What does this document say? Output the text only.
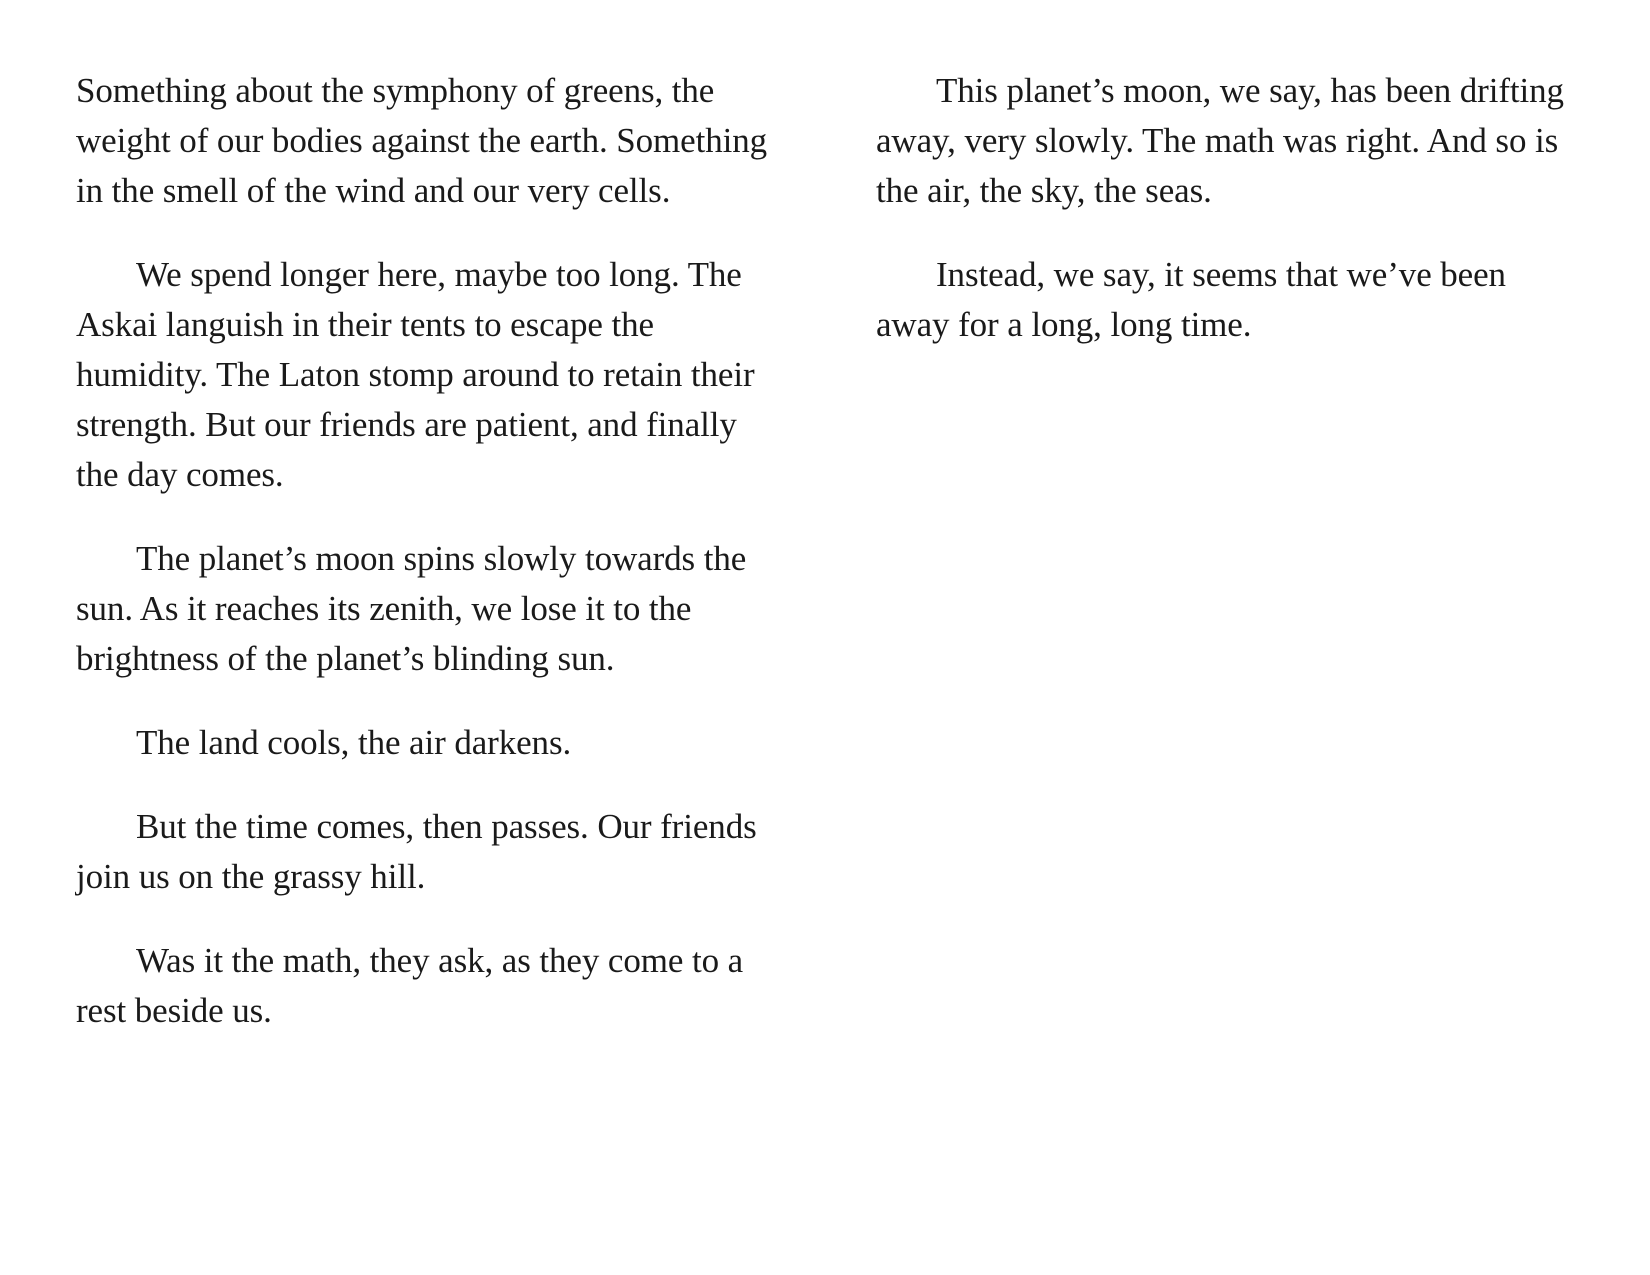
Something about the symphony of greens, the weight of our bodies against the earth. Something in the smell of the wind and our very cells.

We spend longer here, maybe too long. The Askai languish in their tents to escape the humidity. The Laton stomp around to retain their strength. But our friends are patient, and finally the day comes.

The planet’s moon spins slowly towards the sun. As it reaches its zenith, we lose it to the brightness of the planet’s blinding sun.

The land cools, the air darkens.

But the time comes, then passes. Our friends join us on the grassy hill.

Was it the math, they ask, as they come to a rest beside us.

This planet’s moon, we say, has been drifting away, very slowly. The math was right. And so is the air, the sky, the seas.

Instead, we say, it seems that we’ve been away for a long, long time.
